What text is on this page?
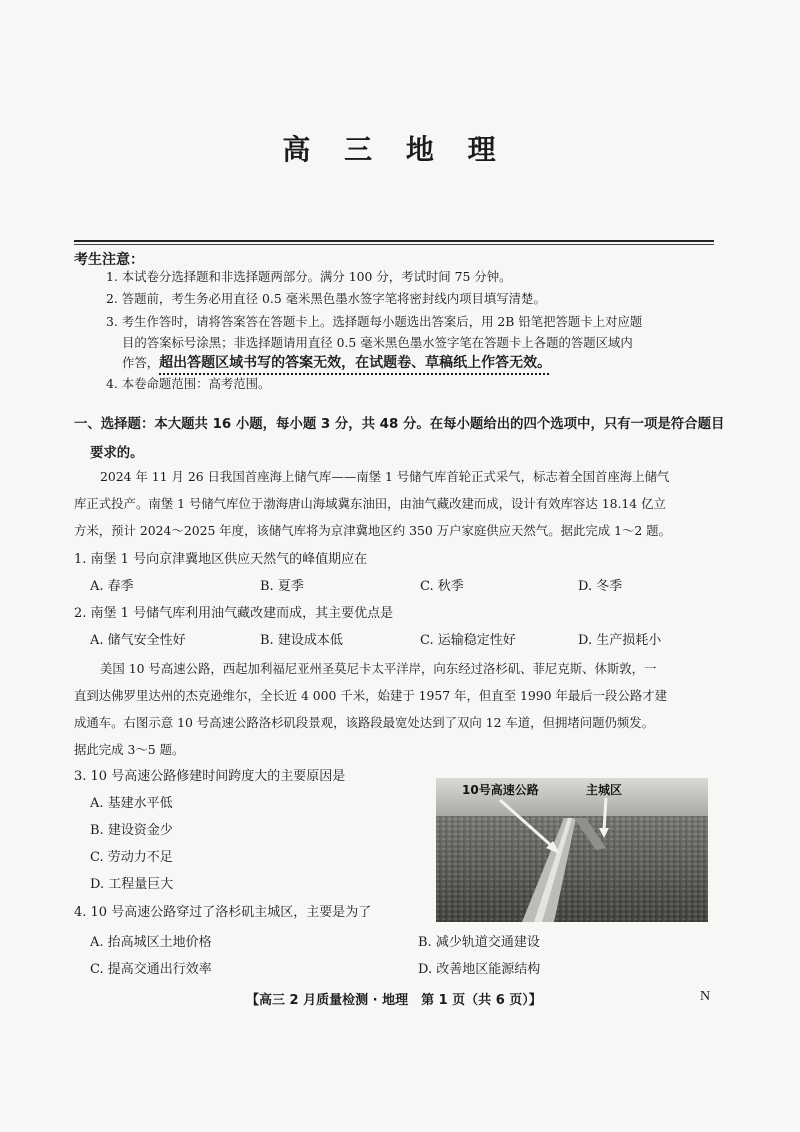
高 三 地 理
考生注意：
1. 本试卷分选择题和非选择题两部分。满分 100 分，考试时间 75 分钟。
2. 答题前，考生务必用直径 0.5 毫米黑色墨水签字笔将密封线内项目填写清楚。
3. 考生作答时，请将答案答在答题卡上。选择题每小题选出答案后，用 2B 铅笔把答题卡上对应题
目的答案标号涂黑；非选择题请用直径 0.5 毫米黑色墨水签字笔在答题卡上各题的答题区域内
作答，超出答题区域书写的答案无效，在试题卷、草稿纸上作答无效。
4. 本卷命题范围：高考范围。
一、选择题：本大题共 16 小题，每小题 3 分，共 48 分。在每小题给出的四个选项中，只有一项是符合题目
要求的。
2024 年 11 月 26 日我国首座海上储气库——南堡 1 号储气库首轮正式采气，标志着全国首座海上储气
库正式投产。南堡 1 号储气库位于渤海唐山海域冀东油田，由油气藏改建而成，设计有效库容达 18.14 亿立
方米，预计 2024～2025 年度，该储气库将为京津冀地区约 350 万户家庭供应天然气。据此完成 1～2 题。
1. 南堡 1 号向京津冀地区供应天然气的峰值期应在
A. 春季	B. 夏季	C. 秋季	D. 冬季
2. 南堡 1 号储气库利用油气藏改建而成，其主要优点是
A. 储气安全性好	B. 建设成本低	C. 运输稳定性好	D. 生产损耗小
美国 10 号高速公路，西起加利福尼亚州圣莫尼卡太平洋岸，向东经过洛杉矶、菲尼克斯、休斯敦，一
直到达佛罗里达州的杰克逊维尔，全长近 4 000 千米，始建于 1957 年，但直至 1990 年最后一段公路才建
成通车。右图示意 10 号高速公路洛杉矶段景观，该路段最宽处达到了双向 12 车道，但拥堵问题仍频发。
据此完成 3～5 题。
3. 10 号高速公路修建时间跨度大的主要原因是
A. 基建水平低
B. 建设资金少
C. 劳动力不足
D. 工程量巨大
4. 10 号高速公路穿过了洛杉矶主城区，主要是为了
A. 抬高城区土地价格	B. 减少轨道交通建设
C. 提高交通出行效率	D. 改善地区能源结构
10号高速公路	主城区
【高三 2 月质量检测 · 地理　第 1 页（共 6 页）】	N
